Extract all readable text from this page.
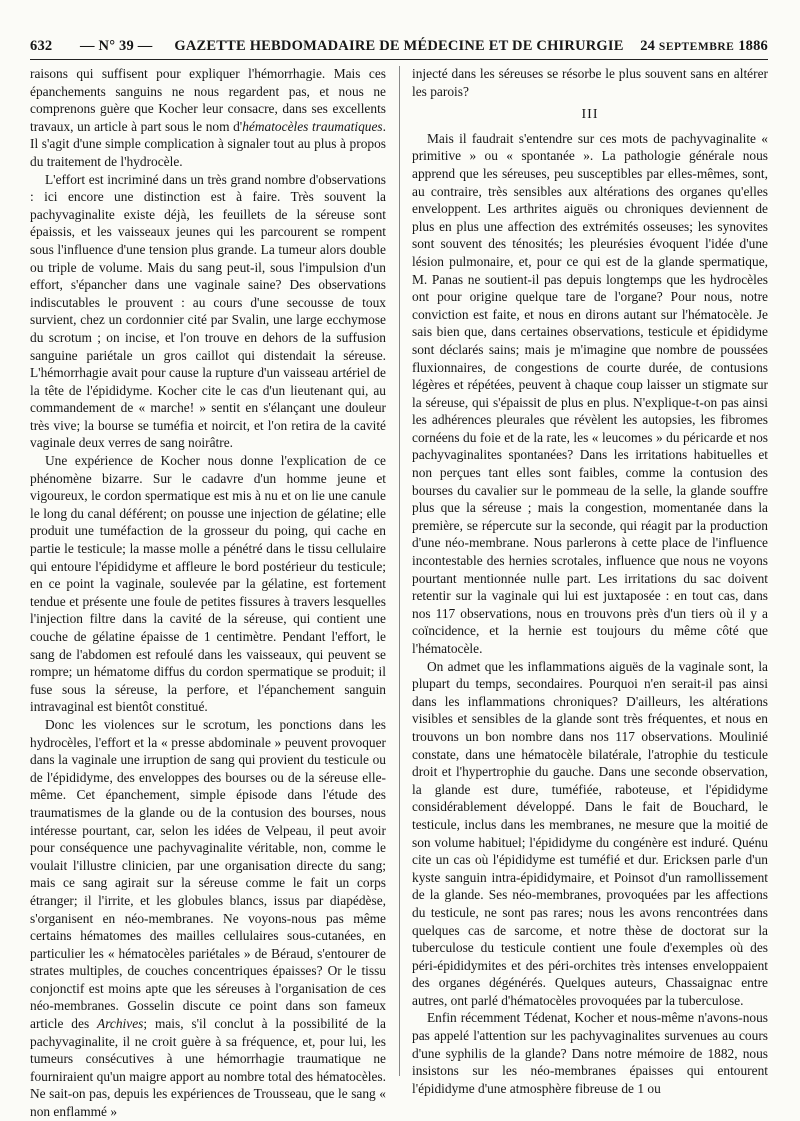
632 — N° 39 —	GAZETTE HEBDOMADAIRE DE MÉDECINE ET DE CHIRURGIE	24 SEPTEMBRE 1886

raisons qui suffisent pour expliquer l'hémorrhagie. Mais ces épanchements sanguins ne nous regardent pas, et nous ne comprenons guère que Kocher leur consacre, dans ses excellents travaux, un article à part sous le nom d'hématocèles traumatiques. Il s'agit d'une simple complication à signaler tout au plus à propos du traitement de l'hydrocèle.

L'effort est incriminé dans un très grand nombre d'observations : ici encore une distinction est à faire. Très souvent la pachyvaginalite existe déjà, les feuillets de la séreuse sont épaissis, et les vaisseaux jeunes qui les parcourent se rompent sous l'influence d'une tension plus grande. La tumeur alors double ou triple de volume. Mais du sang peut-il, sous l'impulsion d'un effort, s'épancher dans une vaginale saine? Des observations indiscutables le prouvent : au cours d'une secousse de toux survient, chez un cordonnier cité par Svalin, une large ecchymose du scrotum ; on incise, et l'on trouve en dehors de la suffusion sanguine pariétale un gros caillot qui distendait la séreuse. L'hémorrhagie avait pour cause la rupture d'un vaisseau artériel de la tête de l'épididyme. Kocher cite le cas d'un lieutenant qui, au commandement de « marche! » sentit en s'élançant une douleur très vive; la bourse se tuméfia et noircit, et l'on retira de la cavité vaginale deux verres de sang noirâtre.

Une expérience de Kocher nous donne l'explication de ce phénomène bizarre. Sur le cadavre d'un homme jeune et vigoureux, le cordon spermatique est mis à nu et on lie une canule le long du canal déférent; on pousse une injection de gélatine; elle produit une tuméfaction de la grosseur du poing, qui cache en partie le testicule; la masse molle a pénétré dans le tissu cellulaire qui entoure l'épididyme et affleure le bord postérieur du testicule; en ce point la vaginale, soulevée par la gélatine, est fortement tendue et présente une foule de petites fissures à travers lesquelles l'injection filtre dans la cavité de la séreuse, qui contient une couche de gélatine épaisse de 1 centimètre. Pendant l'effort, le sang de l'abdomen est refoulé dans les vaisseaux, qui peuvent se rompre; un hématome diffus du cordon spermatique se produit; il fuse sous la séreuse, la perfore, et l'épanchement sanguin intravaginal est bientôt constitué.

Donc les violences sur le scrotum, les ponctions dans les hydrocèles, l'effort et la « presse abdominale » peuvent provoquer dans la vaginale une irruption de sang qui provient du testicule ou de l'épididyme, des enveloppes des bourses ou de la séreuse elle-même. Cet épanchement, simple épisode dans l'étude des traumatismes de la glande ou de la contusion des bourses, nous intéresse pourtant, car, selon les idées de Velpeau, il peut avoir pour conséquence une pachyvaginalite véritable, non, comme le voulait l'illustre clinicien, par une organisation directe du sang; mais ce sang agirait sur la séreuse comme le fait un corps étranger; il l'irrite, et les globules blancs, issus par diapédèse, s'organisent en néo-membranes. Ne voyons-nous pas même certains hématomes des mailles cellulaires sous-cutanées, en particulier les « hématocèles pariétales » de Béraud, s'entourer de strates multiples, de couches concentriques épaisses? Or le tissu conjonctif est moins apte que les séreuses à l'organisation de ces néo-membranes. Gosselin discute ce point dans son fameux article des Archives; mais, s'il conclut à la possibilité de la pachyvaginalite, il ne croit guère à sa fréquence, et, pour lui, les tumeurs consécutives à une hémorrhagie traumatique ne fourniraient qu'un maigre apport au nombre total des hématocèles. Ne sait-on pas, depuis les expériences de Trousseau, que le sang « non enflammé »

injecté dans les séreuses se résorbe le plus souvent sans en altérer les parois?

III

Mais il faudrait s'entendre sur ces mots de pachyvaginalite « primitive » ou « spontanée ». La pathologie générale nous apprend que les séreuses, peu susceptibles par elles-mêmes, sont, au contraire, très sensibles aux altérations des organes qu'elles enveloppent. Les arthrites aiguës ou chroniques deviennent de plus en plus une affection des extrémités osseuses; les synovites sont souvent des ténosités; les pleurésies évoquent l'idée d'une lésion pulmonaire, et, pour ce qui est de la glande spermatique, M. Panas ne soutient-il pas depuis longtemps que les hydrocèles ont pour origine quelque tare de l'organe? Pour nous, notre conviction est faite, et nous en dirons autant sur l'hématocèle. Je sais bien que, dans certaines observations, testicule et épididyme sont déclarés sains; mais je m'imagine que nombre de poussées fluxionnaires, de congestions de courte durée, de contusions légères et répétées, peuvent à chaque coup laisser un stigmate sur la séreuse, qui s'épaissit de plus en plus. N'explique-t-on pas ainsi les adhérences pleurales que révèlent les autopsies, les fibromes cornéens du foie et de la rate, les « leucomes » du péricarde et nos pachyvaginalites spontanées? Dans les irritations habituelles et non perçues tant elles sont faibles, comme la contusion des bourses du cavalier sur le pommeau de la selle, la glande souffre plus que la séreuse ; mais la congestion, momentanée dans la première, se répercute sur la seconde, qui réagit par la production d'une néo-membrane. Nous parlerons à cette place de l'influence incontestable des hernies scrotales, influence que nous ne voyons pourtant mentionnée nulle part. Les irritations du sac doivent retentir sur la vaginale qui lui est juxtaposée : en tout cas, dans nos 117 observations, nous en trouvons près d'un tiers où il y a coïncidence, et la hernie est toujours du même côté que l'hématocèle.

On admet que les inflammations aiguës de la vaginale sont, la plupart du temps, secondaires. Pourquoi n'en serait-il pas ainsi dans les inflammations chroniques? D'ailleurs, les altérations visibles et sensibles de la glande sont très fréquentes, et nous en trouvons un bon nombre dans nos 117 observations. Moulinié constate, dans une hématocèle bilatérale, l'atrophie du testicule droit et l'hypertrophie du gauche. Dans une seconde observation, la glande est dure, tuméfiée, raboteuse, et l'épididyme considérablement développé. Dans le fait de Bouchard, le testicule, inclus dans les membranes, ne mesure que la moitié de son volume habituel; l'épididyme du congénère est induré. Quénu cite un cas où l'épididyme est tuméfié et dur. Ericksen parle d'un kyste sanguin intra-épididymaire, et Poinsot d'un ramollissement de la glande. Ses néo-membranes, provoquées par les affections du testicule, ne sont pas rares; nous les avons rencontrées dans quelques cas de sarcome, et notre thèse de doctorat sur la tuberculose du testicule contient une foule d'exemples où des péri-épididymites et des péri-orchites très intenses enveloppaient des organes dégénérés. Quelques auteurs, Chassaignac entre autres, ont parlé d'hématocèles provoquées par la tuberculose.

Enfin récemment Tédenat, Kocher et nous-même n'avons-nous pas appelé l'attention sur les pachyvaginalites survenues au cours d'une syphilis de la glande? Dans notre mémoire de 1882, nous insistons sur les néo-membranes épaisses qui entourent l'épididyme d'une atmosphère fibreuse de 1 ou
